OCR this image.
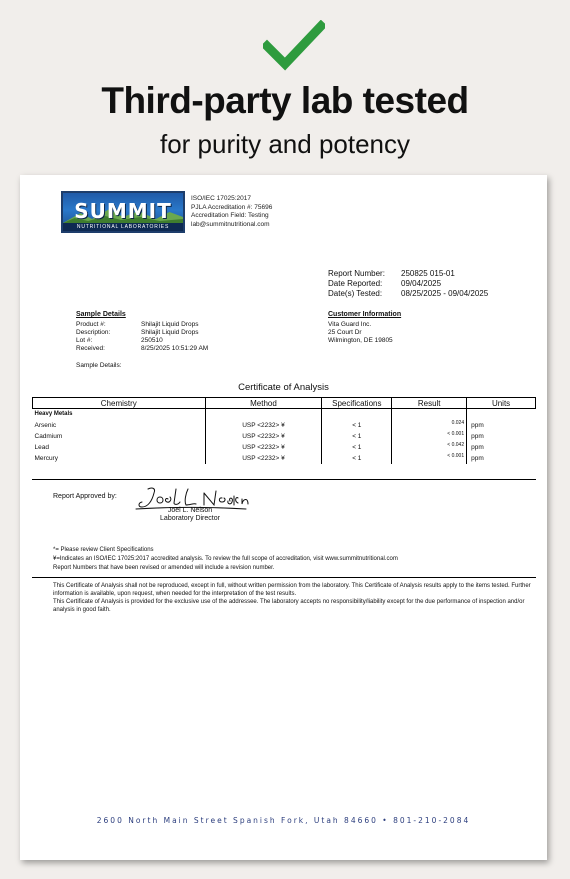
Third-party lab tested
for purity and potency
SUMMIT
NUTRITIONAL LABORATORIES
ISO/IEC 17025:2017
PJLA Accreditation #: 75696
Accreditation Field: Testing
lab@summitnutritional.com
Report Number:	250825 015-01
Date Reported:	09/04/2025
Date(s) Tested:	08/25/2025 - 09/04/2025
Sample Details
Product #:	Shilajit Liquid Drops
Description:	Shilajit Liquid Drops
Lot #:	250510
Received:	8/25/2025 10:51:29 AM
Sample Details:
Customer Information
Vita Guard Inc.
25 Court Dr
Wilmington, DE 19805
Certificate of Analysis
Chemistry	Method	Specifications	Result	Units
Heavy Metals				
Arsenic	USP <2232> ¥	< 1	0.024	ppm
Cadmium	USP <2232> ¥	< 1	< 0.001	ppm
Lead	USP <2232> ¥	< 1	< 0.042	ppm
Mercury	USP <2232> ¥	< 1	< 0.001	ppm
Report Approved by:
Joel L. Nelson
Laboratory Director
*= Please review Client Specifications
¥=Indicates an ISO/IEC 17025:2017 accredited analysis. To review the full scope of accreditation, visit www.summitnutritional.com
Report Numbers that have been revised or amended will include a revision number.
This Certificate of Analysis shall not be reproduced, except in full, without written permission from the laboratory. This Certificate of Analysis results apply to the items tested. Further information is available, upon request, when needed for the interpretation of the test results.
This Certificate of Analysis is provided for the exclusive use of the addressee. The laboratory accepts no responsibility/liability except for the due performance of inspection and/or analysis in good faith.
2600 North Main Street Spanish Fork, Utah 84660 • 801-210-2084
